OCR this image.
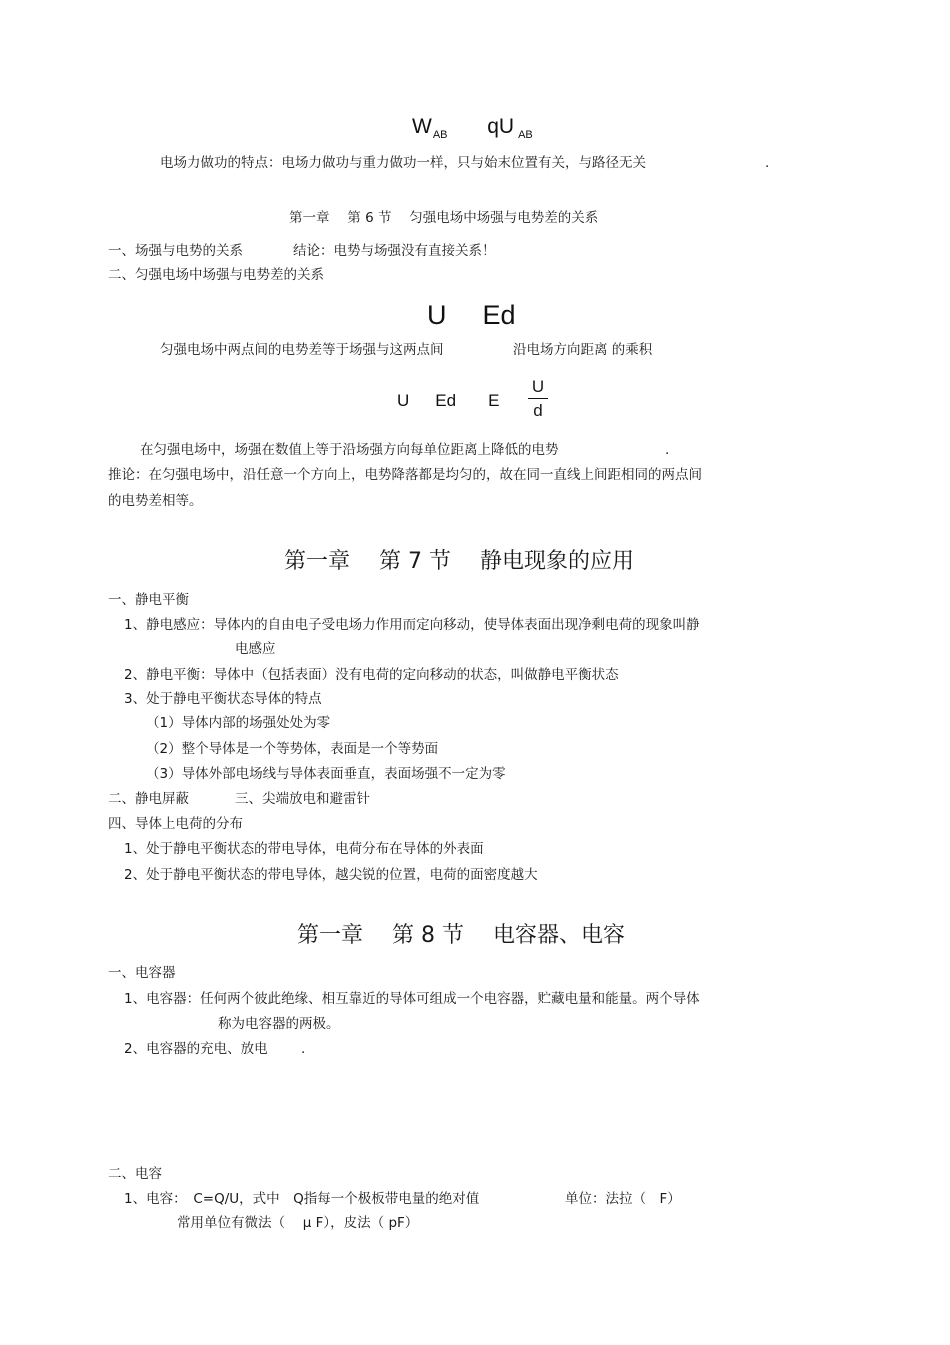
$W_{AB}$ qU $_{AB}$
电场力做功的特点：电场力做功与重力做功一样，只与始末位置有关，与路径无关	.
第一章　 第 6 节　 匀强电场中场强与电势差的关系
一、场强与电势的关系	结论：电势与场强没有直接关系！
二、匀强电场中场强与电势差的关系
U Ed
匀强电场中两点间的电势差等于场强与这两点间	沿电场方向距离 的乘积
U Ed E
U
d
在匀强电场中，场强在数值上等于沿场强方向每单位距离上降低的电势	.
推论：在匀强电场中，沿任意一个方向上，电势降落都是均匀的，故在同一直线上间距相同的两点间
的电势差相等。
第一章　 第 7 节　 静电现象的应用
一、静电平衡
1、静电感应：导体内的自由电子受电场力作用而定向移动，使导体表面出现净剩电荷的现象叫静
电感应
2、静电平衡：导体中（包括表面）没有电荷的定向移动的状态，叫做静电平衡状态
3、处于静电平衡状态导体的特点
（1）导体内部的场强处处为零
（2）整个导体是一个等势体，表面是一个等势面
（3）导体外部电场线与导体表面垂直，表面场强不一定为零
二、静电屏蔽	三、尖端放电和避雷针
四、导体上电荷的分布
1、处于静电平衡状态的带电导体，电荷分布在导体的外表面
2、处于静电平衡状态的带电导体，越尖锐的位置，电荷的面密度越大
第一章　 第 8 节　 电容器、电容
一、电容器
1、电容器：任何两个彼此绝缘、相互靠近的导体可组成一个电容器，贮藏电量和能量。两个导体
称为电容器的两极。
2、电容器的充电、放电 .
二、电容
1、电容：　C=Q/U，式中　Q指每一个极板带电量的绝对值	单位：法拉（　F）
常用单位有微法（　 μ F），皮法（ pF）
